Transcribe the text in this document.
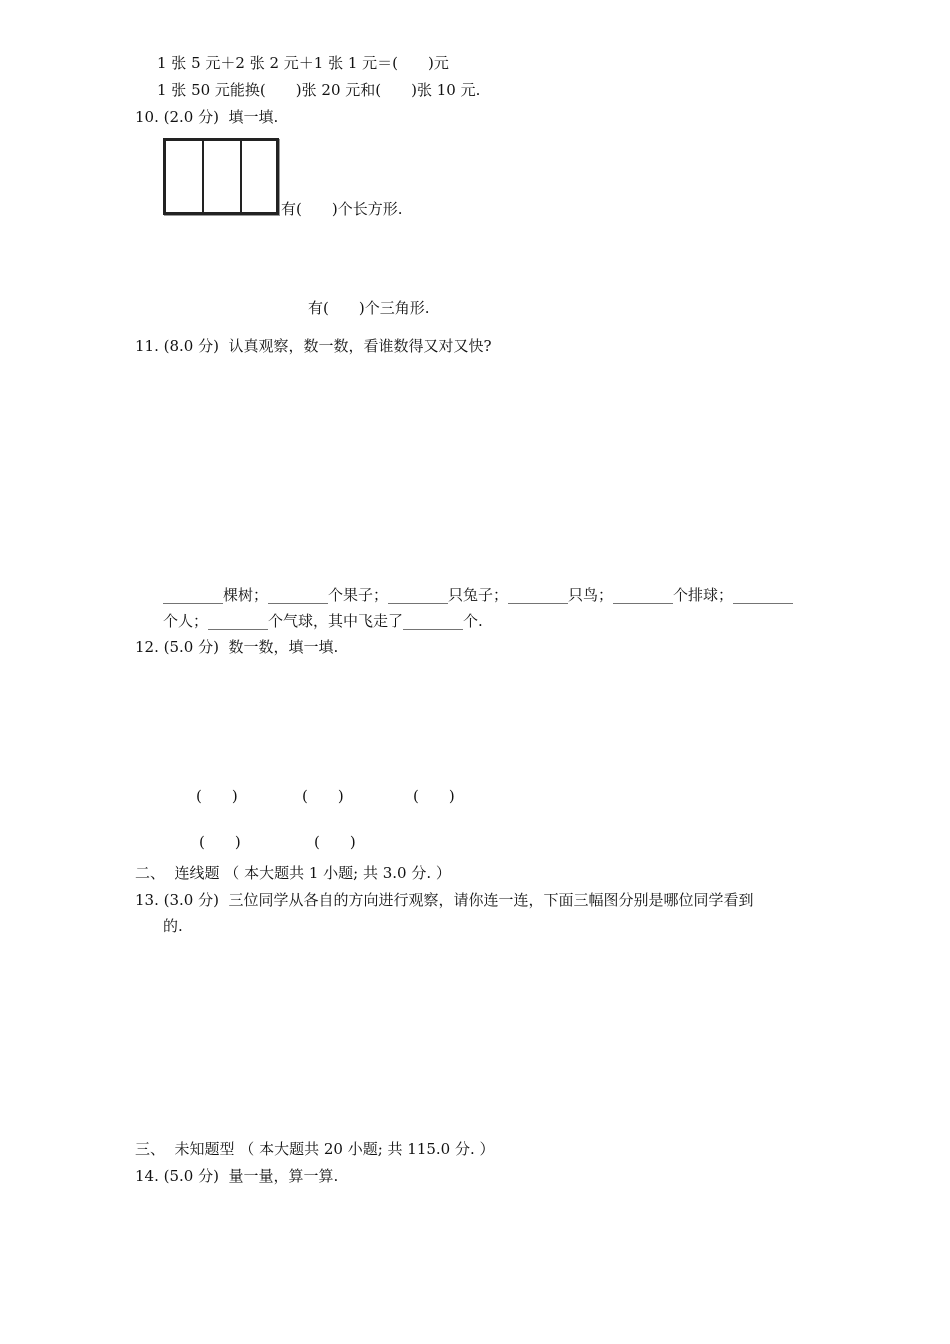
1 张 5 元＋2 张 2 元＋1 张 1 元＝(　　)元
1 张 50 元能换(　　)张 20 元和(　　)张 10 元.
10. (2.0 分)  填一填.
有(　　)个长方形.
有(　　)个三角形.
11. (8.0 分)  认真观察，数一数，看谁数得又对又快?
________棵树；________个果子；________只兔子；________只鸟；________个排球；________
个人；________个气球，其中飞走了________个.
12. (5.0 分)  数一数，填一填.
(　　)	(　　)	(　　)
(　　)	(　　)
二、  连线题 （ 本大题共 1 小题; 共 3.0 分. ）
13. (3.0 分)  三位同学从各自的方向进行观察，请你连一连，下面三幅图分别是哪位同学看到
的.
三、  未知题型 （ 本大题共 20 小题; 共 115.0 分. ）
14. (5.0 分)  量一量，算一算.
